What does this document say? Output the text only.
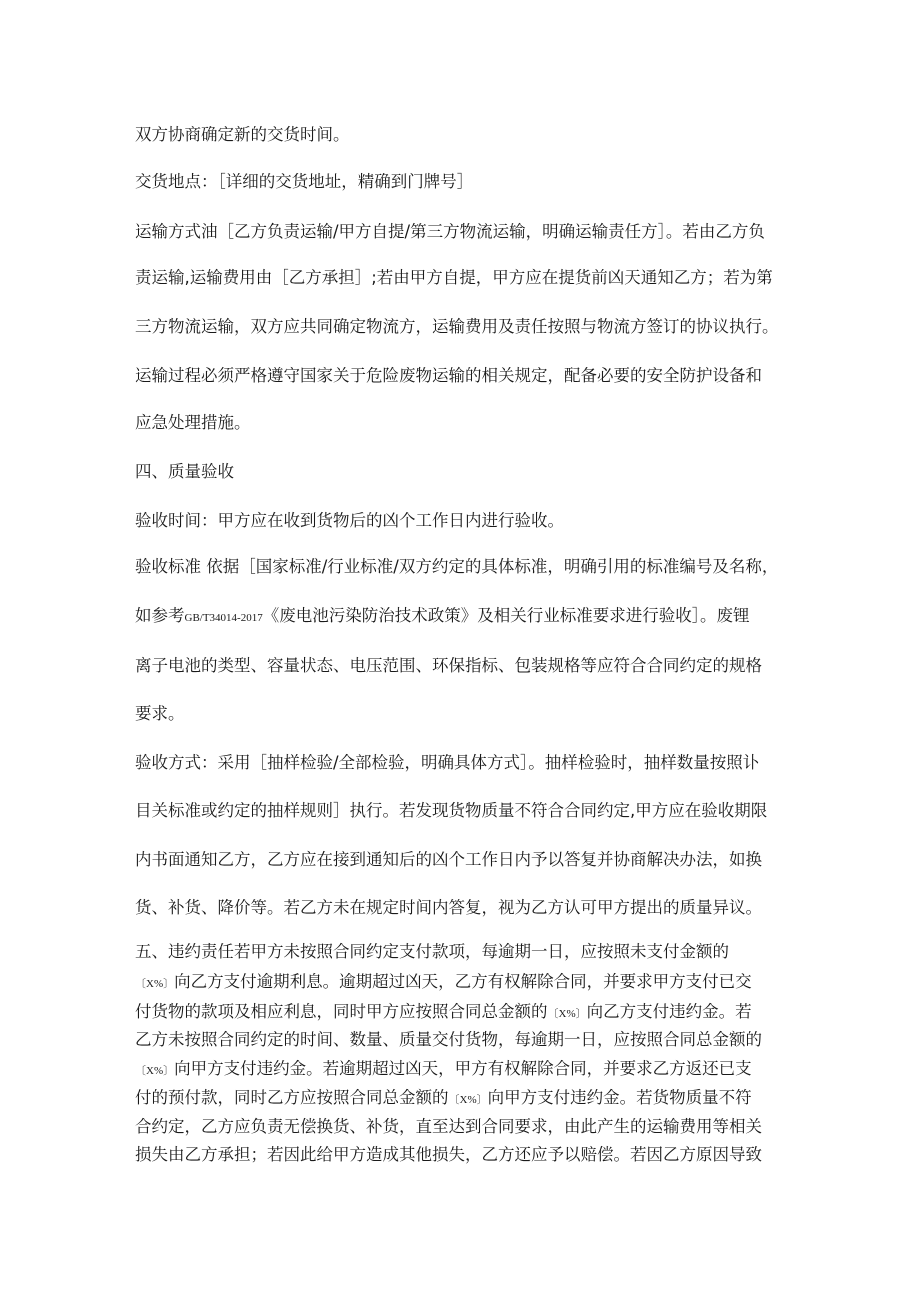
双方协商确定新的交货时间。
交货地点：［详细的交货地址，精确到门牌号］
运输方式油［乙方负责运输/甲方自提/第三方物流运输，明确运输责任方］。若由乙方负
责运输,运输费用由［乙方承担］;若由甲方自提，甲方应在提货前凶天通知乙方；若为第
三方物流运输，双方应共同确定物流方，运输费用及责任按照与物流方签订的协议执行。
运输过程必须严格遵守国家关于危险废物运输的相关规定，配备必要的安全防护设备和
应急处理措施。
四、质量验收
验收时间：甲方应在收到货物后的凶个工作日内进行验收。
验收标准 依据［国家标准/行业标准/双方约定的具体标准，明确引用的标准编号及名称，
如参考GB/T34014-2017《废电池污染防治技术政策》及相关行业标准要求进行验收］。废锂
离子电池的类型、容量状态、电压范围、环保指标、包装规格等应符合合同约定的规格
要求。
验收方式：采用［抽样检验/全部检验，明确具体方式］。抽样检验时，抽样数量按照讣
目关标准或约定的抽样规则］执行。若发现货物质量不符合合同约定,甲方应在验收期限
内书面通知乙方，乙方应在接到通知后的凶个工作日内予以答复并协商解决办法，如换
货、补货、降价等。若乙方未在规定时间内答复，视为乙方认可甲方提出的质量异议。
五、违约责任若甲方未按照合同约定支付款项，每逾期一日，应按照未支付金额的
〔X%〕向乙方支付逾期利息。逾期超过凶天，乙方有权解除合同，并要求甲方支付已交
付货物的款项及相应利息，同时甲方应按照合同总金额的〔X%〕向乙方支付违约金。若
乙方未按照合同约定的时间、数量、质量交付货物，每逾期一日，应按照合同总金额的
〔X%〕向甲方支付违约金。若逾期超过凶天，甲方有权解除合同，并要求乙方返还已支
付的预付款，同时乙方应按照合同总金额的〔X%〕向甲方支付违约金。若货物质量不符
合约定，乙方应负责无偿换货、补货，直至达到合同要求，由此产生的运输费用等相关
损失由乙方承担；若因此给甲方造成其他损失，乙方还应予以赔偿。若因乙方原因导致
